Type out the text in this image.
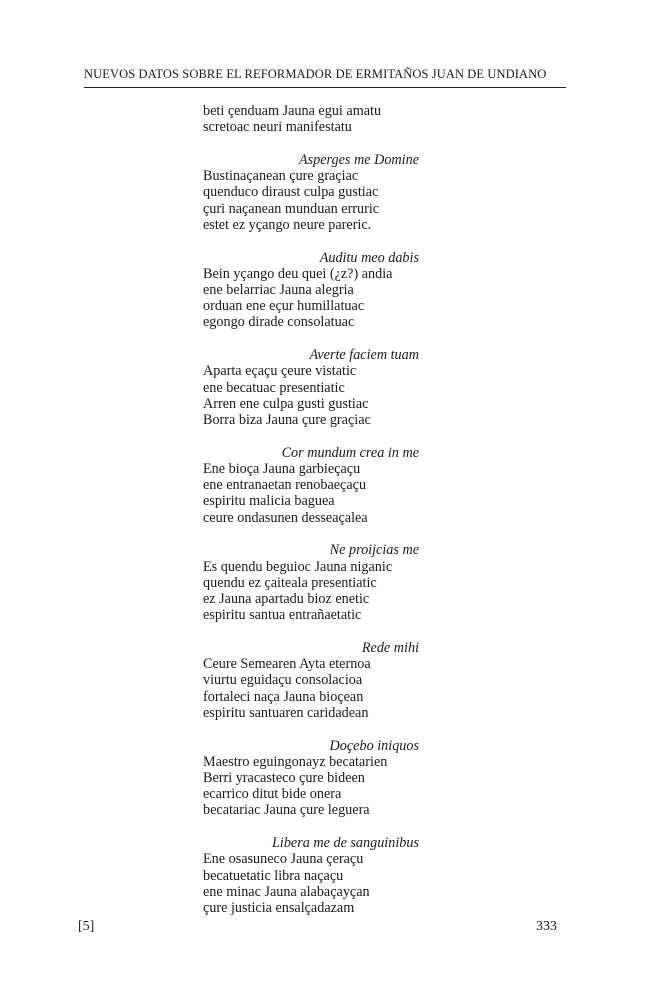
NUEVOS DATOS SOBRE EL REFORMADOR DE ERMITAÑOS JUAN DE UNDIANO
beti çenduam Jauna egui amatu
scretoac neuri manifestatu
Asperges me Domine
Bustinaçanean çure graçiac
quenduco diraust culpa gustiac
çuri naçanean munduan erruric
estet ez yçango neure pareric.
Auditu meo dabis
Bein yçango deu quei (¿z?) andia
ene belarriac Jauna alegria
orduan ene eçur humillatuac
egongo dirade consolatuac
Averte faciem tuam
Aparta eçaçu çeure vistatic
ene becatuac presentiatic
Arren ene culpa gusti gustiac
Borra biza Jauna çure graçiac
Cor mundum crea in me
Ene bioça Jauna garbieçaçu
ene entranaetan renobaeçaçu
espiritu malicia baguea
ceure ondasunen desseaçalea
Ne proijcias me
Es quendu beguioc Jauna niganic
quendu ez çaiteala presentiatic
ez Jauna apartadu bioz enetic
espiritu santua entrañaetatic
Rede mihi
Ceure Semearen Ayta eternoa
viurtu eguidaçu consolacioa
fortaleci naça Jauna bioçean
espiritu santuaren caridadean
Doçebo iniquos
Maestro eguingonayz becatarien
Berri yracasteco çure bideen
ecarrico ditut bide onera
becatariac Jauna çure leguera
Libera me de sanguinibus
Ene osasuneco Jauna çeraçu
becatuetatic libra naçaçu
ene minac Jauna alabaçayçan
çure justicia ensalçadazam
[5]	333
